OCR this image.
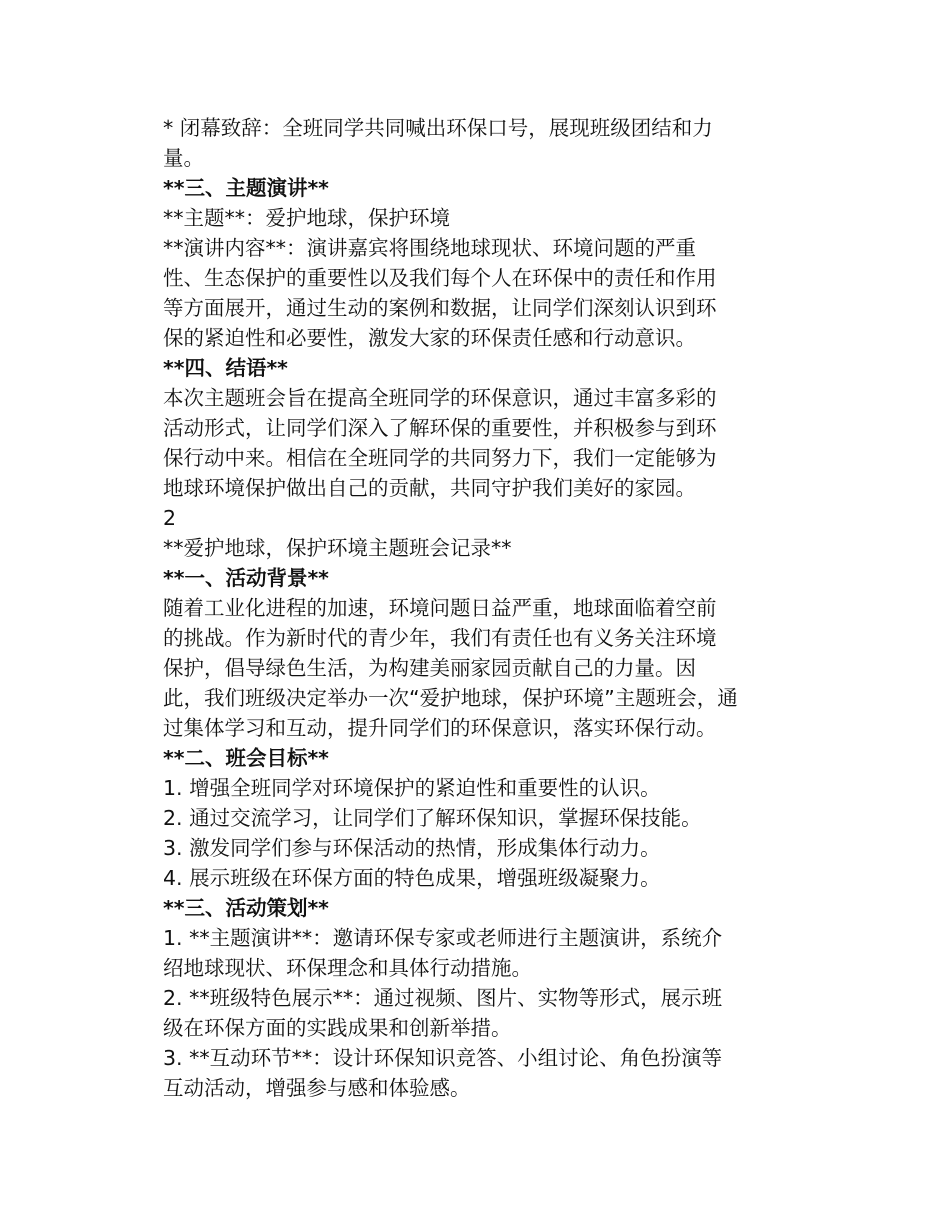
* 闭幕致辞：全班同学共同喊出环保口号，展现班级团结和力
量。
**三、主题演讲**
**主题**：爱护地球，保护环境
**演讲内容**：演讲嘉宾将围绕地球现状、环境问题的严重
性、生态保护的重要性以及我们每个人在环保中的责任和作用
等方面展开，通过生动的案例和数据，让同学们深刻认识到环
保的紧迫性和必要性，激发大家的环保责任感和行动意识。
**四、结语**
本次主题班会旨在提高全班同学的环保意识，通过丰富多彩的
活动形式，让同学们深入了解环保的重要性，并积极参与到环
保行动中来。相信在全班同学的共同努力下，我们一定能够为
地球环境保护做出自己的贡献，共同守护我们美好的家园。
2
**爱护地球，保护环境主题班会记录**
**一、活动背景**
随着工业化进程的加速，环境问题日益严重，地球面临着空前
的挑战。作为新时代的青少年，我们有责任也有义务关注环境
保护，倡导绿色生活，为构建美丽家园贡献自己的力量。因
此，我们班级决定举办一次“爱护地球，保护环境”主题班会，通
过集体学习和互动，提升同学们的环保意识，落实环保行动。
**二、班会目标**
1. 增强全班同学对环境保护的紧迫性和重要性的认识。
2. 通过交流学习，让同学们了解环保知识，掌握环保技能。
3. 激发同学们参与环保活动的热情，形成集体行动力。
4. 展示班级在环保方面的特色成果，增强班级凝聚力。
**三、活动策划**
1. **主题演讲**：邀请环保专家或老师进行主题演讲，系统介
绍地球现状、环保理念和具体行动措施。
2. **班级特色展示**：通过视频、图片、实物等形式，展示班
级在环保方面的实践成果和创新举措。
3. **互动环节**：设计环保知识竞答、小组讨论、角色扮演等
互动活动，增强参与感和体验感。
